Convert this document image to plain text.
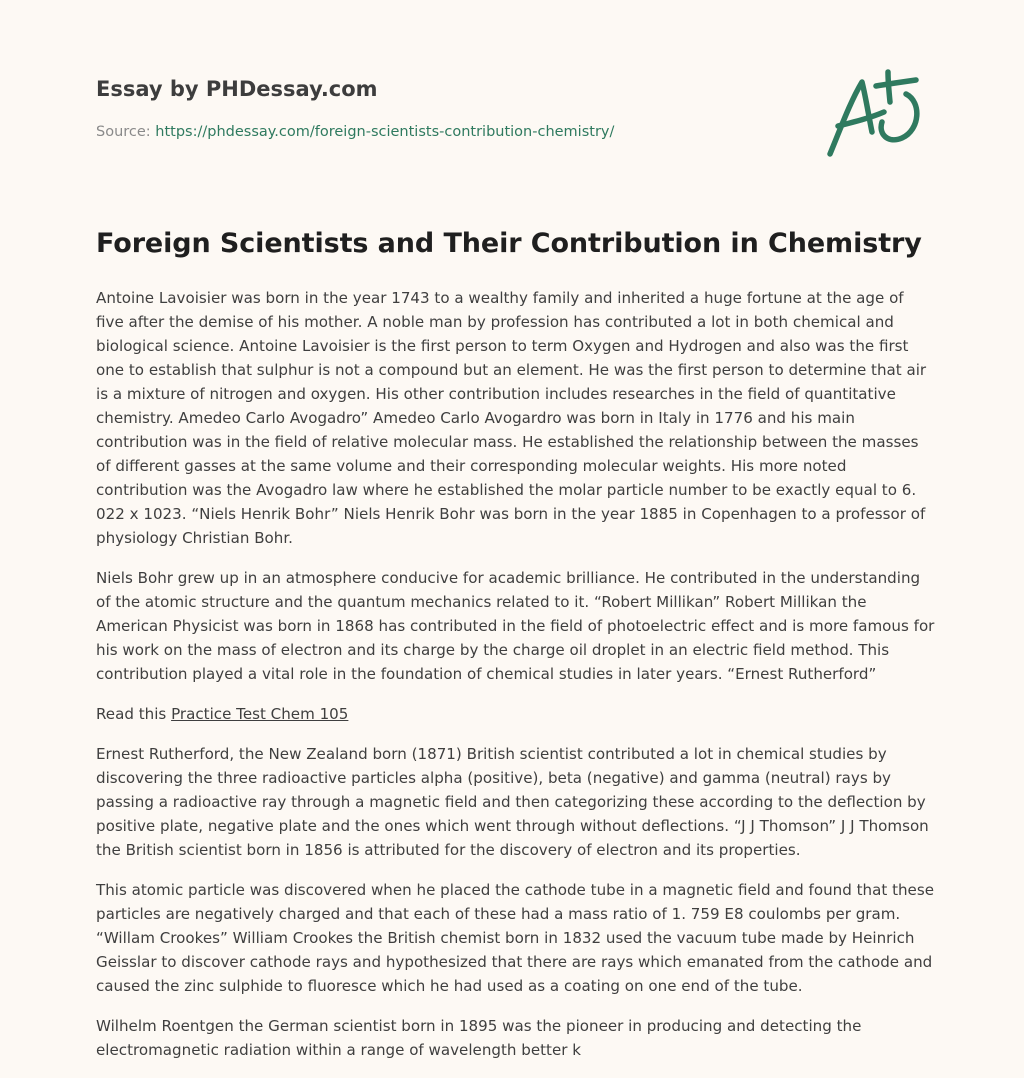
Essay by PHDessay.com
Source: https://phdessay.com/foreign-scientists-contribution-chemistry/
Foreign Scientists and Their Contribution in Chemistry

Antoine Lavoisier was born in the year 1743 to a wealthy family and inherited a huge fortune at the age of five after the demise of his mother. A noble man by profession has contributed a lot in both chemical and biological science. Antoine Lavoisier is the first person to term Oxygen and Hydrogen and also was the first one to establish that sulphur is not a compound but an element. He was the first person to determine that air is a mixture of nitrogen and oxygen. His other contribution includes researches in the field of quantitative chemistry. Amedeo Carlo Avogadro” Amedeo Carlo Avogardro was born in Italy in 1776 and his main contribution was in the field of relative molecular mass. He established the relationship between the masses of different gasses at the same volume and their corresponding molecular weights. His more noted contribution was the Avogadro law where he established the molar particle number to be exactly equal to 6. 022 x 1023. “Niels Henrik Bohr” Niels Henrik Bohr was born in the year 1885 in Copenhagen to a professor of physiology Christian Bohr.

Niels Bohr grew up in an atmosphere conducive for academic brilliance. He contributed in the understanding of the atomic structure and the quantum mechanics related to it. “Robert Millikan” Robert Millikan the American Physicist was born in 1868 has contributed in the field of photoelectric effect and is more famous for his work on the mass of electron and its charge by the charge oil droplet in an electric field method. This contribution played a vital role in the foundation of chemical studies in later years. “Ernest Rutherford”

Read this Practice Test Chem 105

Ernest Rutherford, the New Zealand born (1871) British scientist contributed a lot in chemical studies by discovering the three radioactive particles alpha (positive), beta (negative) and gamma (neutral) rays by passing a radioactive ray through a magnetic field and then categorizing these according to the deflection by positive plate, negative plate and the ones which went through without deflections. “J J Thomson” J J Thomson the British scientist born in 1856 is attributed for the discovery of electron and its properties.

This atomic particle was discovered when he placed the cathode tube in a magnetic field and found that these particles are negatively charged and that each of these had a mass ratio of 1. 759 E8 coulombs per gram. “Willam Crookes” William Crookes the British chemist born in 1832 used the vacuum tube made by Heinrich Geisslar to discover cathode rays and hypothesized that there are rays which emanated from the cathode and caused the zinc sulphide to fluoresce which he had used as a coating on one end of the tube.

Wilhelm Roentgen the German scientist born in 1895 was the pioneer in producing and detecting the electromagnetic radiation within a range of wavelength better k
